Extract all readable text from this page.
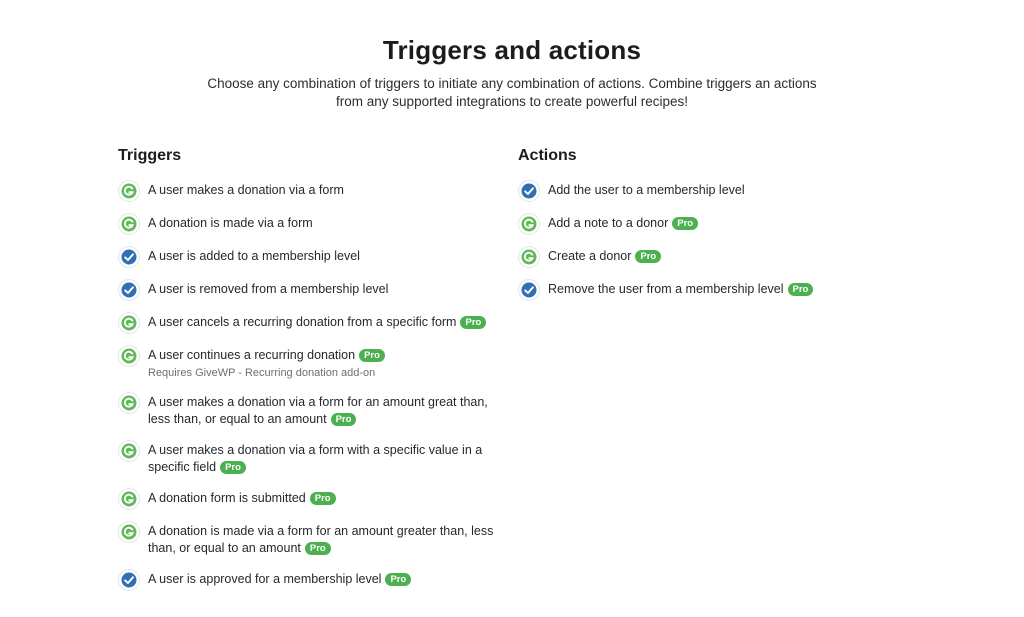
Triggers and actions

Choose any combination of triggers to initiate any combination of actions. Combine triggers an actions from any supported integrations to create powerful recipes!

Triggers
A user makes a donation via a form
A donation is made via a form
A user is added to a membership level
A user is removed from a membership level
A user cancels a recurring donation from a specific form Pro
A user continues a recurring donation Pro
Requires GiveWP - Recurring donation add-on
A user makes a donation via a form for an amount great than, less than, or equal to an amount Pro
A user makes a donation via a form with a specific value in a specific field Pro
A donation form is submitted Pro
A donation is made via a form for an amount greater than, less than, or equal to an amount Pro
A user is approved for a membership level Pro
Actions
Add the user to a membership level
Add a note to a donor Pro
Create a donor Pro
Remove the user from a membership level Pro
